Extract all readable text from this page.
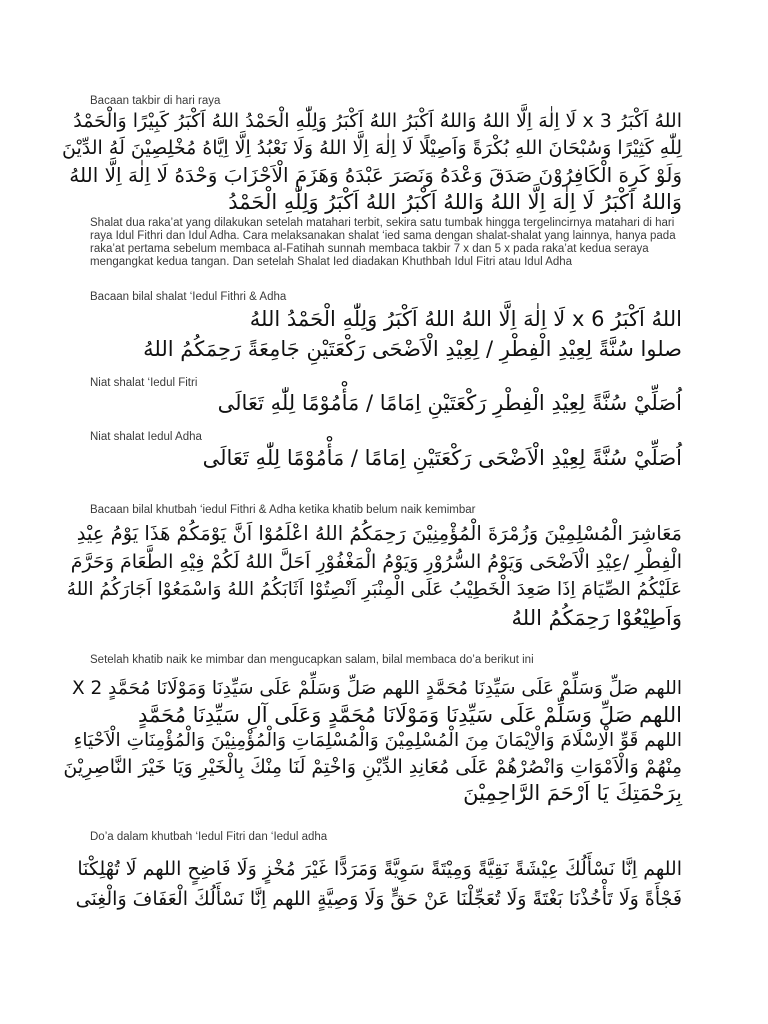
Bacaan takbir di hari raya
اللهُ اَكْبَرُ 3 x لَا اِلٰهَ اِلَّا اللهُ وَاللهُ اَكْبَرُ اللهُ اَكْبَرُ وَلِلّٰهِ الْحَمْدُ اللهُ اَكْبَرُ كَبِيْرًا وَالْحَمْدُ
لِلّٰهِ كَثِيْرًا وَسُبْحَانَ اللهِ بُكْرَةً وَاَصِيْلًا لَا اِلٰهَ اِلَّا اللهُ وَلَا نَعْبُدُ اِلَّا اِيَّاهُ مُخْلِصِيْنَ لَهُ الدِّيْنَ
وَلَوْ كَرِهَ الْكَافِرُوْنَ صَدَقَ وَعْدَهُ وَنَصَرَ عَبْدَهُ وَهَزَمَ الْاَحْزَابَ وَحْدَهُ لَا اِلٰهَ اِلَّا اللهُ
وَاللهُ اَكْبَرُ لَا اِلٰهَ اِلَّا اللهُ وَاللهُ اَكْبَرُ اللهُ اَكْبَرُ وَلِلّٰهِ الْحَمْدُ
Shalat dua raka’at yang dilakukan setelah matahari terbit, sekira satu tumbak hingga tergelincirnya matahari di hari raya Idul Fithri dan Idul Adha. Cara melaksanakan shalat ‘ied sama dengan shalat-shalat yang lainnya, hanya pada raka’at pertama sebelum membaca al-Fatihah sunnah membaca takbir 7 x dan 5 x pada raka’at kedua seraya mengangkat kedua tangan. Dan setelah Shalat Ied diadakan Khuthbah Idul Fitri atau Idul Adha
Bacaan bilal shalat ‘Iedul Fithri & Adha
اللهُ اَكْبَرُ 6 x لَا اِلٰهَ اِلَّا اللهُ اللهُ اَكْبَرُ وَلِلّٰهِ الْحَمْدُ اللهُ
صلوا سُنَّةً لِعِيْدِ الْفِطْرِ / لِعِيْدِ الْاَضْحَى رَكْعَتَيْنِ جَامِعَةً رَحِمَكُمُ اللهُ
Niat shalat ‘Iedul Fitri
اُصَلِّيْ سُنَّةً لِعِيْدِ الْفِطْرِ رَكْعَتَيْنِ اِمَامًا / مَأْمُوْمًا لِلّٰهِ تَعَالَى
Niat shalat Iedul Adha
اُصَلِّيْ سُنَّةً لِعِيْدِ الْاَضْحَى رَكْعَتَيْنِ اِمَامًا / مَأْمُوْمًا لِلّٰهِ تَعَالَى
Bacaan bilal khutbah ‘iedul Fithri & Adha ketika khatib belum naik kemimbar
مَعَاشِرَ الْمُسْلِمِيْنَ وَزُمْرَةَ الْمُؤْمِنِيْنَ رَحِمَكُمُ اللهُ اعْلَمُوْا اَنَّ يَوْمَكُمْ هَذَا يَوْمُ عِيْدِ
الْفِطْرِ /عِيْدِ الْاَضْحَى وَيَوْمُ السُّرُوْرِ وَيَوْمُ الْمَغْفُوْرِ اَحَلَّ اللهُ لَكُمْ فِيْهِ الطَّعَامَ وَحَرَّمَ
عَلَيْكُمُ الصِّيَامَ اِذَا صَعِدَ الْخَطِيْبُ عَلَى الْمِنْبَرِ اَنْصِتُوْا اَثَابَكُمُ اللهُ وَاسْمَعُوْا اَجَارَكُمُ اللهُ
وَاَطِيْعُوْا رَحِمَكُمُ اللهُ
Setelah khatib naik ke mimbar dan mengucapkan salam, bilal membaca do’a berikut ini
اللهم صَلِّ وَسَلِّمْ عَلَى سَيِّدِنَا مُحَمَّدٍ اللهم صَلِّ وَسَلِّمْ عَلَى سَيِّدِنَا وَمَوْلَانَا مُحَمَّدٍ X 2
اللهم صَلِّ وَسَلِّمْ عَلَى سَيِّدِنَا وَمَوْلَانَا مُحَمَّدٍ وَعَلَى آلِ سَيِّدِنَا مُحَمَّدٍ
اللهم قَوِّ الْاِسْلَامَ وَالْاِيْمَانَ مِنَ الْمُسْلِمِيْنَ وَالْمُسْلِمَاتِ وَالْمُؤْمِنِيْنَ وَالْمُؤْمِنَاتِ الْاَحْيَاءِ
مِنْهُمْ وَالْاَمْوَاتِ وَانْصُرْهُمْ عَلَى مُعَانِدِ الدِّيْنِ وَاخْتِمْ لَنَا مِنْكَ بِالْخَيْرِ وَيَا خَيْرَ النَّاصِرِيْنَ
بِرَحْمَتِكَ يَا اَرْحَمَ الرَّاحِمِيْنَ
Do’a dalam khutbah ‘Iedul Fitri dan ‘Iedul adha
اللهم اِنَّا نَسْأَلُكَ عِيْشَةً نَقِيَّةً وَمِيْتَةً سَوِيَّةً وَمَرَدًّا غَيْرَ مُخْزٍ وَلَا فَاضِحٍ اللهم لَا تُهْلِكْنَا
فَجْأَةً وَلَا تَأْخُذْنَا بَغْتَةً وَلَا تُعَجِّلْنَا عَنْ حَقٍّ وَلَا وَصِيَّةٍ اللهم اِنَّا نَسْأَلُكَ الْعَفَافَ وَالْغِنَى
